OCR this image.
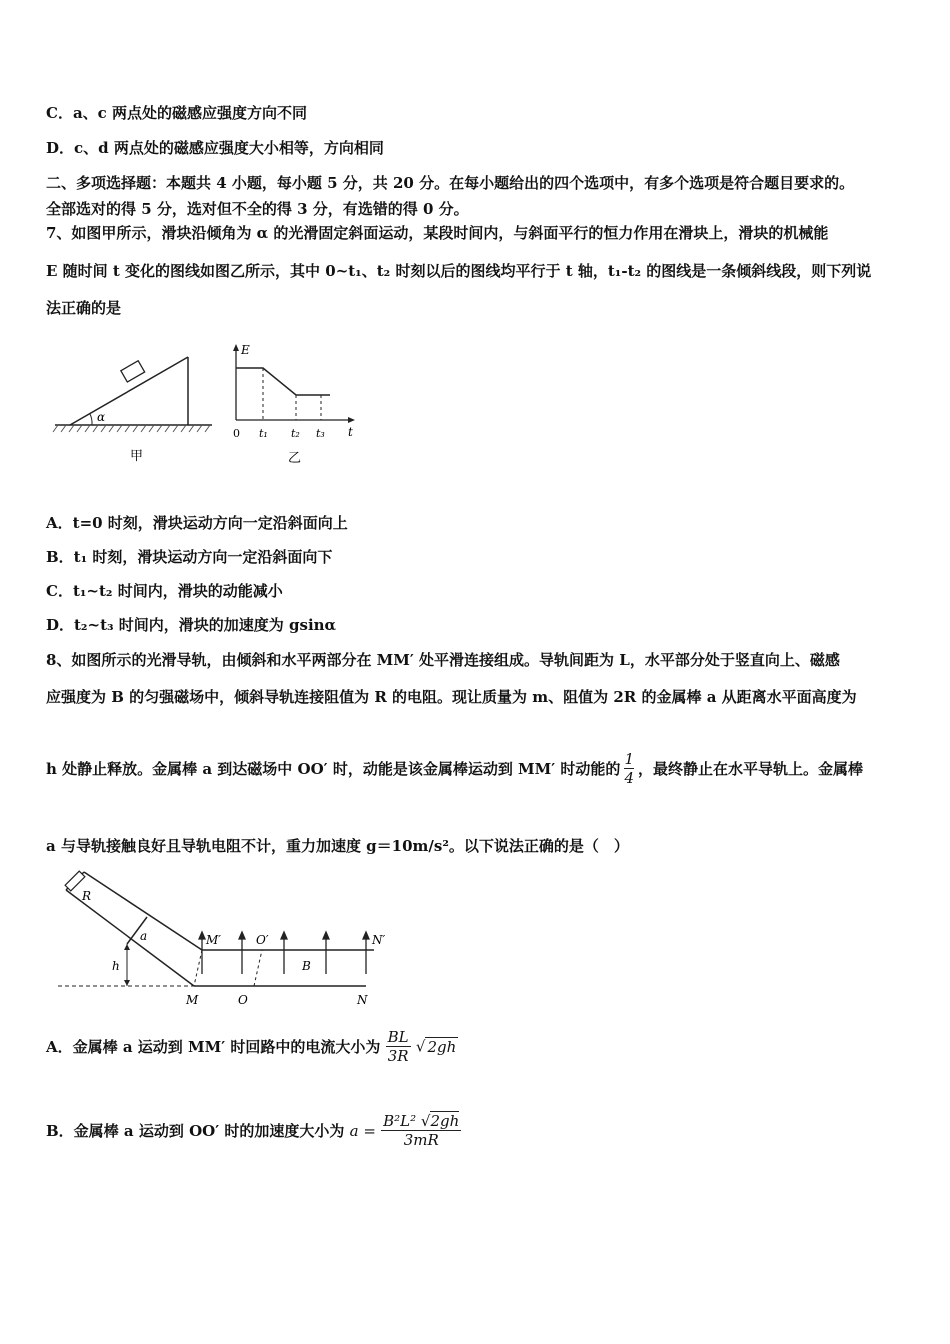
C．a、c 两点处的磁感应强度方向不同
D．c、d 两点处的磁感应强度大小相等，方向相同
二、多项选择题：本题共 4 小题，每小题 5 分，共 20 分。在每小题给出的四个选项中，有多个选项是符合题目要求的。
全部选对的得 5 分，选对但不全的得 3 分，有选错的得 0 分。
7、如图甲所示，滑块沿倾角为 α 的光滑固定斜面运动，某段时间内，与斜面平行的恒力作用在滑块上，滑块的机械能
E 随时间 t 变化的图线如图乙所示，其中 0~t₁、t₂ 时刻以后的图线均平行于 t 轴，t₁-t₂ 的图线是一条倾斜线段，则下列说
法正确的是
α
甲
E
t
0 t₁ t₂ t₃
乙
A．t=0 时刻，滑块运动方向一定沿斜面向上
B．t₁ 时刻，滑块运动方向一定沿斜面向下
C．t₁~t₂ 时间内，滑块的动能减小
D．t₂~t₃ 时间内，滑块的加速度为 gsinα
8、如图所示的光滑导轨，由倾斜和水平两部分在 MM′ 处平滑连接组成。导轨间距为 L，水平部分处于竖直向上、磁感
应强度为 B 的匀强磁场中，倾斜导轨连接阻值为 R 的电阻。现让质量为 m、阻值为 2R 的金属棒 a 从距离水平面高度为
h 处静止释放。金属棒 a 到达磁场中 OO′ 时，动能是该金属棒运动到 MM′ 时动能的 $\frac{1}{4}$ ，最终静止在水平导轨上。金属棒
a 与导轨接触良好且导轨电阻不计，重力加速度 g＝10m/s²。以下说法正确的是（　）
R
a
h
M′	O′	N′
B
M	O	N
A．金属棒 a 运动到 MM′ 时回路中的电流大小为 $\frac{BL}{3R}$ √ 2gh
B．金属棒 a 运动到 OO′ 时的加速度大小为 $a = \frac{\text{B²L² √2gh}}{3mR}$
